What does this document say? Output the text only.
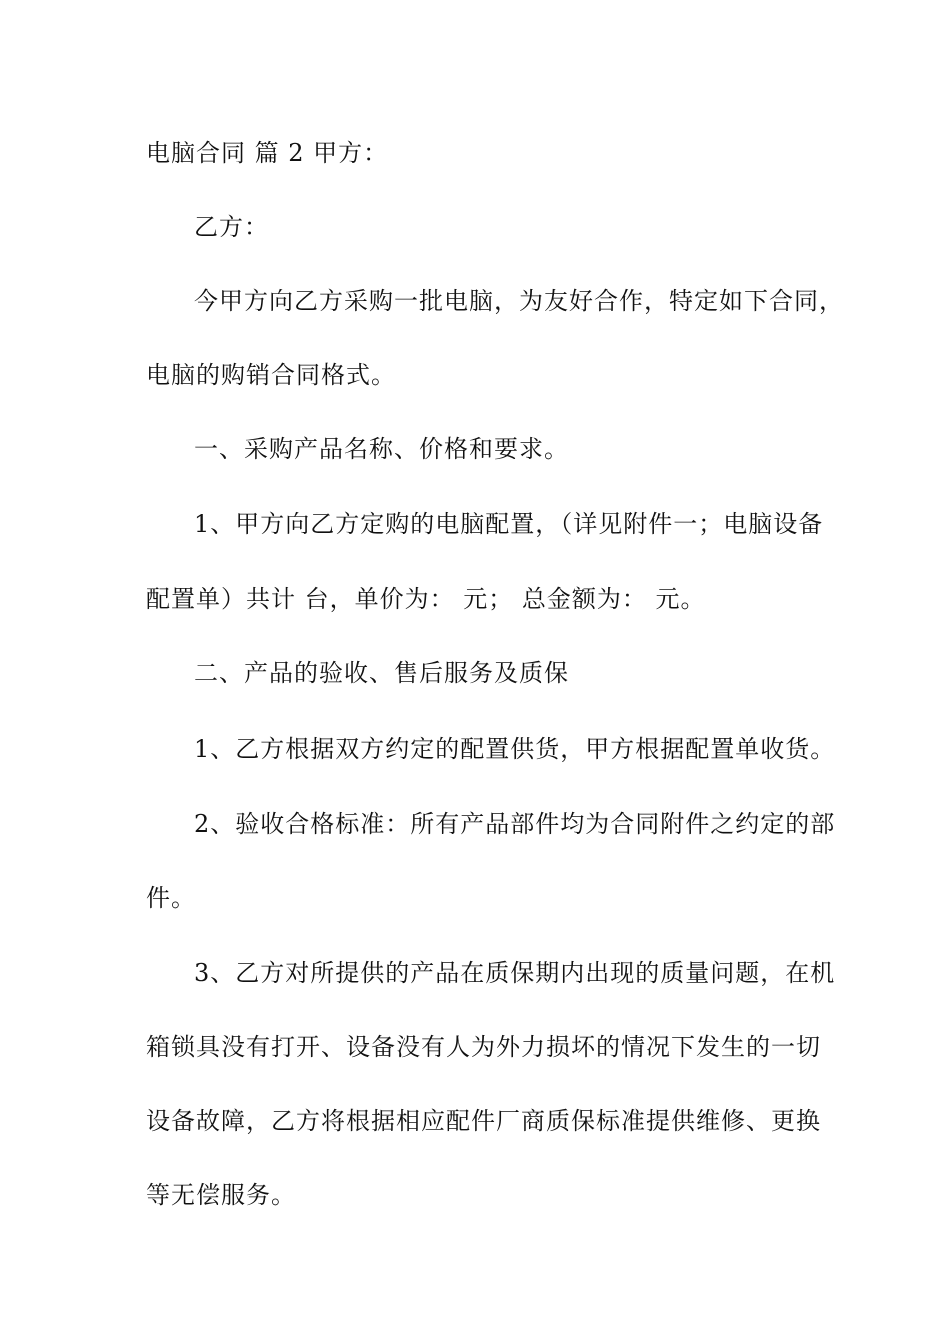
电脑合同 篇 2 甲方：
乙方：
今甲方向乙方采购一批电脑，为友好合作，特定如下合同，
电脑的购销合同格式。
一、采购产品名称、价格和要求。
1、甲方向乙方定购的电脑配置，（详见附件一；电脑设备
配置单）共计 台，单价为： 元； 总金额为： 元。
二、产品的验收、售后服务及质保
1、乙方根据双方约定的配置供货，甲方根据配置单收货。
2、验收合格标准：所有产品部件均为合同附件之约定的部
件。
3、乙方对所提供的产品在质保期内出现的质量问题，在机
箱锁具没有打开、设备没有人为外力损坏的情况下发生的一切
设备故障，乙方将根据相应配件厂商质保标准提供维修、更换
等无偿服务。
